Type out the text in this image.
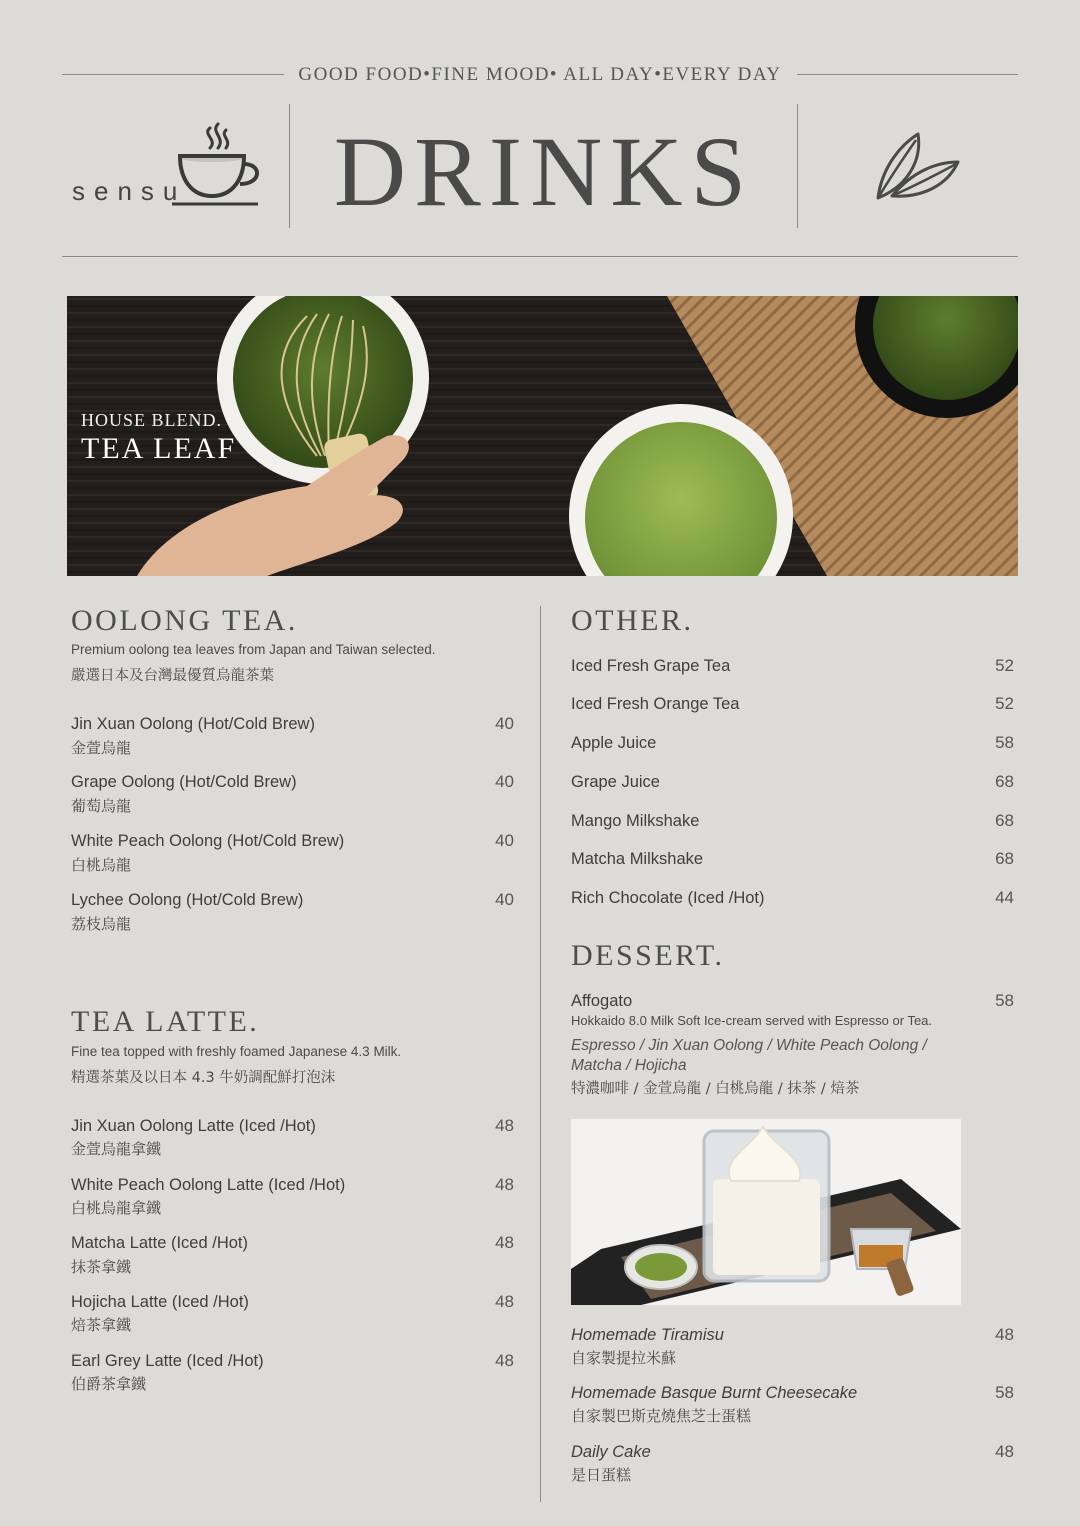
GOOD FOOD•FINE MOOD• ALL DAY•EVERY DAY
sensu	DRINKS
HOUSE BLEND.
TEA LEAF
OOLONG TEA.
Premium oolong tea leaves from Japan and Taiwan selected.
嚴選日本及台灣最優質烏龍茶葉
Jin Xuan Oolong (Hot/Cold Brew)
金萱烏龍
40
Grape Oolong (Hot/Cold Brew)
葡萄烏龍
40
White Peach Oolong (Hot/Cold Brew)
白桃烏龍
40
Lychee Oolong (Hot/Cold Brew)
荔枝烏龍
40
TEA LATTE.
Fine tea topped with freshly foamed Japanese 4.3 Milk.
精選茶葉及以日本 4.3 牛奶調配鮮打泡沫
Jin Xuan Oolong Latte (Iced /Hot)
金萱烏龍拿鐵
48
White Peach Oolong Latte (Iced /Hot)
白桃烏龍拿鐵
48
Matcha Latte (Iced /Hot)
抹茶拿鐵
48
Hojicha Latte (Iced /Hot)
焙茶拿鐵
48
Earl Grey Latte (Iced /Hot)
伯爵茶拿鐵
48
OTHER.
Iced Fresh Grape Tea	52
Iced Fresh Orange Tea	52
Apple Juice	58
Grape Juice	68
Mango Milkshake	68
Matcha Milkshake	68
Rich Chocolate (Iced /Hot)	44
DESSERT.
Affogato	58
Hokkaido 8.0 Milk Soft Ice-cream served with Espresso or Tea.
Espresso / Jin Xuan Oolong / White Peach Oolong /
Matcha / Hojicha
特濃咖啡 / 金萱烏龍 / 白桃烏龍 / 抹茶 / 焙茶
Homemade Tiramisu
自家製提拉米蘇
48
Homemade Basque Burnt Cheesecake
自家製巴斯克燒焦芝士蛋糕
58
Daily Cake
是日蛋糕
48
